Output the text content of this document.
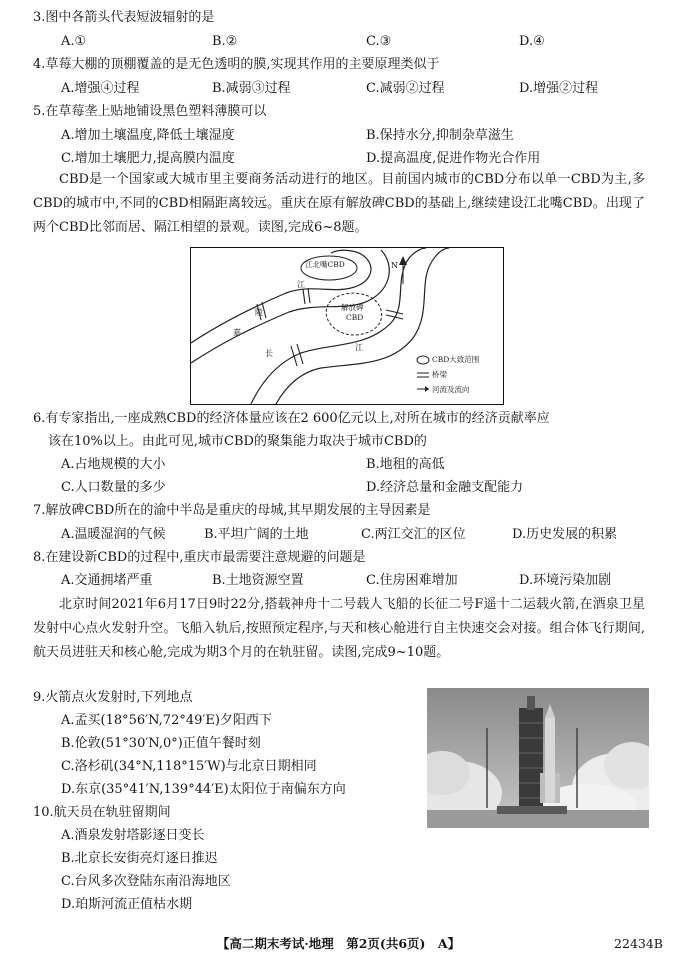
3.图中各箭头代表短波辐射的是
A.①	B.②	C.③	D.④
4.草莓大棚的顶棚覆盖的是无色透明的膜,实现其作用的主要原理类似于
A.增强④过程	B.减弱③过程	C.减弱②过程	D.增强②过程
5.在草莓垄上贴地铺设黑色塑料薄膜可以
A.增加土壤温度,降低土壤湿度	B.保持水分,抑制杂草滋生
C.增加土壤肥力,提高膜内温度	D.提高温度,促进作物光合作用
CBD是一个国家或大城市里主要商务活动进行的地区。目前国内城市的CBD分布以单一CBD为主,多CBD的城市中,不同的CBD相隔距离较远。重庆在原有解放碑CBD的基础上,继续建设江北嘴CBD。出现了两个CBD比邻而居、隔江相望的景观。读图,完成6~8题。
江北嘴CBD
解放碑
CBD
嘉
陵
江
长
江
N
CBD大致范围
桥梁
河流及流向
6.有专家指出,一座成熟CBD的经济体量应该在2 600亿元以上,对所在城市的经济贡献率应
该在10%以上。由此可见,城市CBD的聚集能力取决于城市CBD的
A.占地规模的大小	B.地租的高低
C.人口数量的多少	D.经济总量和金融支配能力
7.解放碑CBD所在的渝中半岛是重庆的母城,其早期发展的主导因素是
A.温暖湿润的气候	B.平坦广阔的土地	C.两江交汇的区位	D.历史发展的积累
8.在建设新CBD的过程中,重庆市最需要注意规避的问题是
A.交通拥堵严重	B.土地资源空置	C.住房困难增加	D.环境污染加剧
北京时间2021年6月17日9时22分,搭载神舟十二号载人飞船的长征二号F遥十二运载火箭,在酒泉卫星发射中心点火发射升空。飞船入轨后,按照预定程序,与天和核心舱进行自主快速交会对接。组合体飞行期间,航天员进驻天和核心舱,完成为期3个月的在轨驻留。读图,完成9~10题。
9.火箭点火发射时,下列地点
A.孟买(18°56′N,72°49′E)夕阳西下
B.伦敦(51°30′N,0°)正值午餐时刻
C.洛杉矶(34°N,118°15′W)与北京日期相同
D.东京(35°41′N,139°44′E)太阳位于南偏东方向
10.航天员在轨驻留期间
A.酒泉发射塔影逐日变长
B.北京长安街亮灯逐日推迟
C.台风多次登陆东南沿海地区
D.珀斯河流正值枯水期
【高二期末考试·地理　第2页(共6页)　A】	22434B
